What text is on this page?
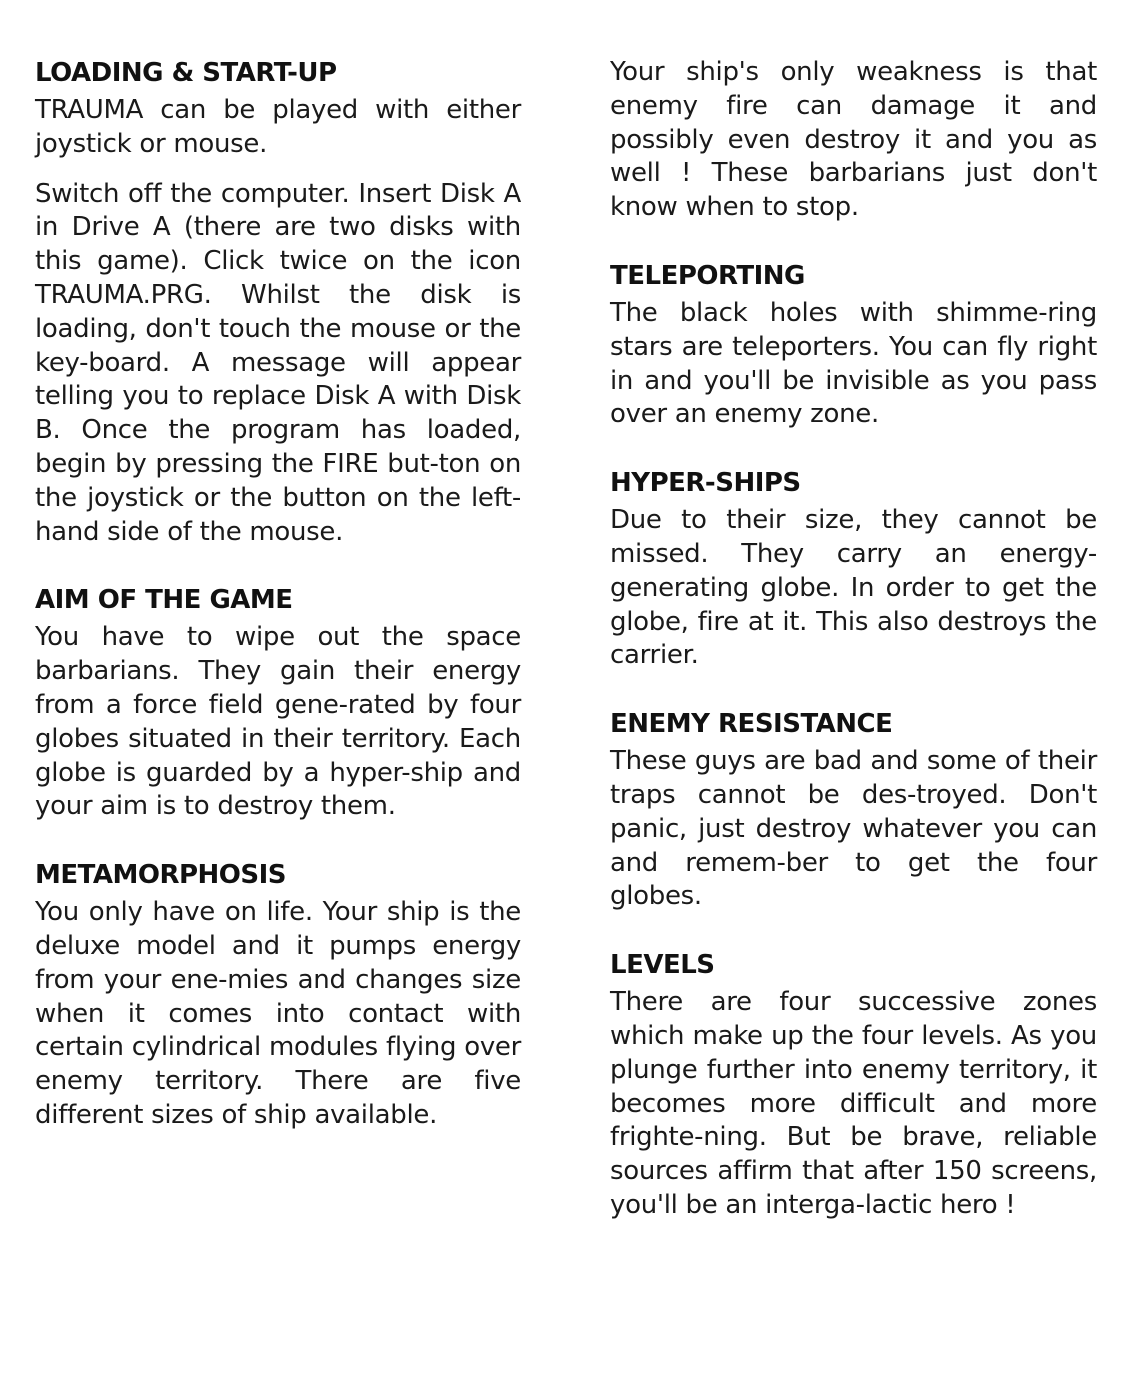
LOADING & START-UP

TRAUMA can be played with either joystick or mouse.

Switch off the computer. Insert Disk A in Drive A (there are two disks with this game). Click twice on the icon TRAUMA.PRG. Whilst the disk is loading, don't touch the mouse or the key-board. A message will appear telling you to replace Disk A with Disk B. Once the program has loaded, begin by pressing the FIRE but-ton on the joystick or the button on the left-hand side of the mouse.

AIM OF THE GAME

You have to wipe out the space barbarians. They gain their energy from a force field gene-rated by four globes situated in their territory. Each globe is guarded by a hyper-ship and your aim is to destroy them.

METAMORPHOSIS

You only have on life. Your ship is the deluxe model and it pumps energy from your ene-mies and changes size when it comes into contact with certain cylindrical modules flying over enemy territory. There are five different sizes of ship available.

Your ship's only weakness is that enemy fire can damage it and possibly even destroy it and you as well ! These barbarians just don't know when to stop.

TELEPORTING

The black holes with shimme-ring stars are teleporters. You can fly right in and you'll be invisible as you pass over an enemy zone.

HYPER-SHIPS

Due to their size, they cannot be missed. They carry an energy-generating globe. In order to get the globe, fire at it. This also destroys the carrier.

ENEMY RESISTANCE

These guys are bad and some of their traps cannot be des-troyed. Don't panic, just destroy whatever you can and remem-ber to get the four globes.

LEVELS

There are four successive zones which make up the four levels. As you plunge further into enemy territory, it becomes more difficult and more frighte-ning. But be brave, reliable sources affirm that after 150 screens, you'll be an interga-lactic hero !
